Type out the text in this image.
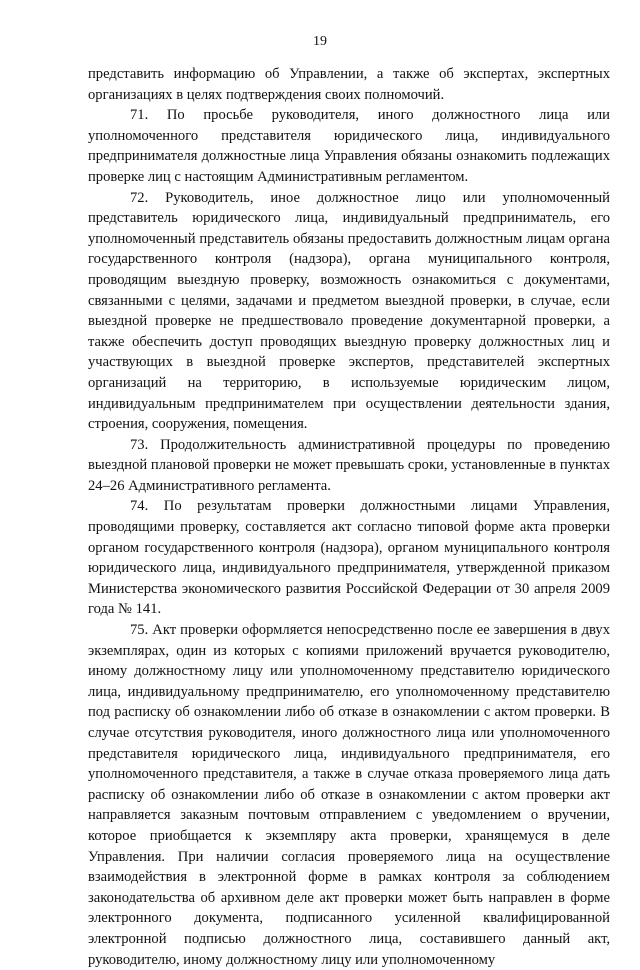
19

представить информацию об Управлении, а также об экспертах, экспертных организациях в целях подтверждения своих полномочий.

71. По просьбе руководителя, иного должностного лица или уполномоченного представителя юридического лица, индивидуального предпринимателя должностные лица Управления обязаны ознакомить подлежащих проверке лиц с настоящим Административным регламентом.

72. Руководитель, иное должностное лицо или уполномоченный представитель юридического лица, индивидуальный предприниматель, его уполномоченный представитель обязаны предоставить должностным лицам органа государственного контроля (надзора), органа муниципального контроля, проводящим выездную проверку, возможность ознакомиться с документами, связанными с целями, задачами и предметом выездной проверки, в случае, если выездной проверке не предшествовало проведение документарной проверки, а также обеспечить доступ проводящих выездную проверку должностных лиц и участвующих в выездной проверке экспертов, представителей экспертных организаций на территорию, в используемые юридическим лицом, индивидуальным предпринимателем при осуществлении деятельности здания, строения, сооружения, помещения.

73. Продолжительность административной процедуры по проведению выездной плановой проверки не может превышать сроки, установленные в пунктах 24–26 Административного регламента.

74. По результатам проверки должностными лицами Управления, проводящими проверку, составляется акт согласно типовой форме акта проверки органом государственного контроля (надзора), органом муниципального контроля юридического лица, индивидуального предпринимателя, утвержденной приказом Министерства экономического развития Российской Федерации от 30 апреля 2009 года № 141.

75. Акт проверки оформляется непосредственно после ее завершения в двух экземплярах, один из которых с копиями приложений вручается руководителю, иному должностному лицу или уполномоченному представителю юридического лица, индивидуальному предпринимателю, его уполномоченному представителю под расписку об ознакомлении либо об отказе в ознакомлении с актом проверки. В случае отсутствия руководителя, иного должностного лица или уполномоченного представителя юридического лица, индивидуального предпринимателя, его уполномоченного представителя, а также в случае отказа проверяемого лица дать расписку об ознакомлении либо об отказе в ознакомлении с актом проверки акт направляется заказным почтовым отправлением с уведомлением о вручении, которое приобщается к экземпляру акта проверки, хранящемуся в деле Управления. При наличии согласия проверяемого лица на осуществление взаимодействия в электронной форме в рамках контроля за соблюдением законодательства об архивном деле акт проверки может быть направлен в форме электронного документа, подписанного усиленной квалифицированной электронной подписью должностного лица, составившего данный акт, руководителю, иному должностному лицу или уполномоченному
